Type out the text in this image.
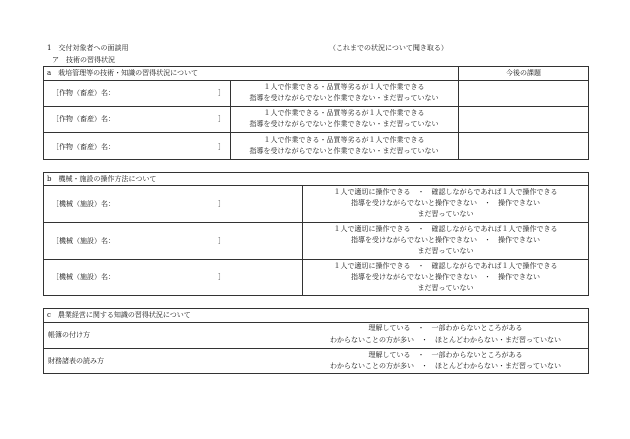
1　交付対象者への面談用	（これまでの状況について聞き取る）
ア　技術の習得状況
a　栽培管理等の技術・知識の習得状況について	今後の課題
［作物（畜産）名：	］
１人で作業できる・品質等劣るが１人で作業できる
指導を受けながらでないと作業できない・まだ習っていない
［作物（畜産）名：	］
１人で作業できる・品質等劣るが１人で作業できる
指導を受けながらでないと作業できない・まだ習っていない
［作物（畜産）名：	］
１人で作業できる・品質等劣るが１人で作業できる
指導を受けながらでないと作業できない・まだ習っていない
b　機械・施設の操作方法について
［機械（施設）名：	］
１人で適切に操作できる　・　確認しながらであれば１人で操作できる
指導を受けながらでないと操作できない　・　操作できない
まだ習っていない
［機械（施設）名：	］
１人で適切に操作できる　・　確認しながらであれば１人で操作できる
指導を受けながらでないと操作できない　・　操作できない
まだ習っていない
［機械（施設）名：	］
１人で適切に操作できる　・　確認しながらであれば１人で操作できる
指導を受けながらでないと操作できない　・　操作できない
まだ習っていない
c　農業経営に関する知識の習得状況について
帳簿の付け方
理解している　・　一部わからないところがある
わからないことの方が多い　・　ほとんどわからない・まだ習っていない
財務諸表の読み方
理解している　・　一部わからないところがある
わからないことの方が多い　・　ほとんどわからない・まだ習っていない
